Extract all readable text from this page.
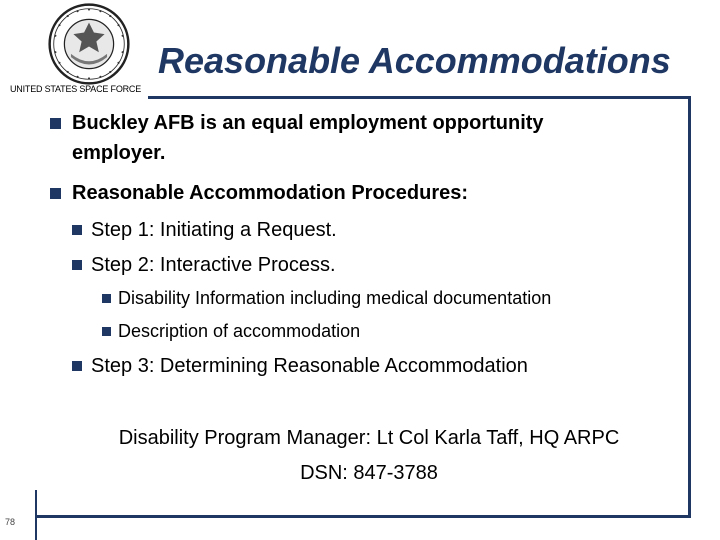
UNITED STATES SPACE FORCE
Reasonable Accommodations
78
Buckley AFB is an equal employment opportunity
employer.
Reasonable Accommodation Procedures:
Step 1: Initiating a Request.
Step 2: Interactive Process.
Disability Information including medical documentation
Description of accommodation
Step 3: Determining Reasonable Accommodation
Disability Program Manager: Lt Col Karla Taff, HQ ARPC
DSN: 847-3788
